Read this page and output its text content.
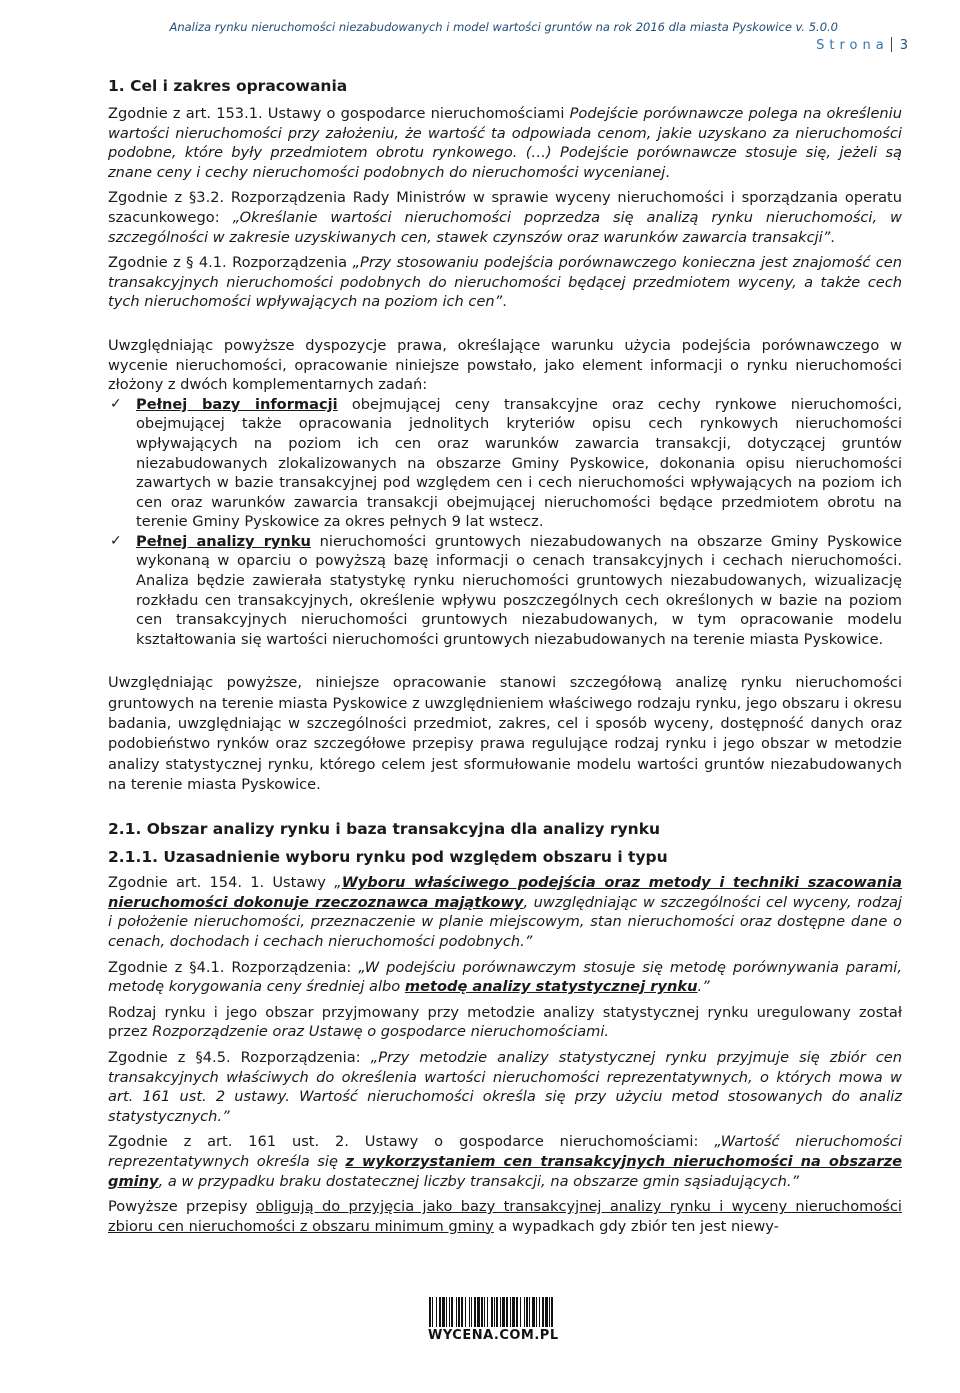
Analiza rynku nieruchomości niezabudowanych i model wartości gruntów na rok 2016 dla miasta Pyskowice v. 5.0.0
Strona 3
1. Cel i zakres opracowania

Zgodnie z art. 153.1. Ustawy o gospodarce nieruchomościami Podejście porównawcze polega na określeniu wartości nieruchomości przy założeniu, że wartość ta odpowiada cenom, jakie uzyskano za nieruchomości podobne, które były przedmiotem obrotu rynkowego. (…) Podejście porównawcze stosuje się, jeżeli są znane ceny i cechy nieruchomości podobnych do nieruchomości wycenianej.

Zgodnie z §3.2. Rozporządzenia Rady Ministrów w sprawie wyceny nieruchomości i sporządzania operatu szacunkowego: „Określanie wartości nieruchomości poprzedza się analizą rynku nieruchomości, w szczególności w zakresie uzyskiwanych cen, stawek czynszów oraz warunków zawarcia transakcji”.

Zgodnie z § 4.1. Rozporządzenia „Przy stosowaniu podejścia porównawczego konieczna jest znajomość cen transakcyjnych nieruchomości podobnych do nieruchomości będącej przedmiotem wyceny, a także cech tych nieruchomości wpływających na poziom ich cen”.

Uwzględniając powyższe dyspozycje prawa, określające warunku użycia podejścia porównawczego w wycenie nieruchomości, opracowanie niniejsze powstało, jako element informacji o rynku nieruchomości złożony z dwóch komplementarnych zadań:

✓ Pełnej bazy informacji obejmującej ceny transakcyjne oraz cechy rynkowe nieruchomości, obejmującej także opracowania jednolitych kryteriów opisu cech rynkowych nieruchomości wpływających na poziom ich cen oraz warunków zawarcia transakcji, dotyczącej gruntów niezabudowanych zlokalizowanych na obszarze Gminy Pyskowice, dokonania opisu nieruchomości zawartych w bazie transakcyjnej pod względem cen i cech nieruchomości wpływających na poziom ich cen oraz warunków zawarcia transakcji obejmującej nieruchomości będące przedmiotem obrotu na terenie Gminy Pyskowice za okres pełnych 9 lat wstecz.
✓ Pełnej analizy rynku nieruchomości gruntowych niezabudowanych na obszarze Gminy Pyskowice wykonaną w oparciu o powyższą bazę informacji o cenach transakcyjnych i cechach nieruchomości. Analiza będzie zawierała statystykę rynku nieruchomości gruntowych niezabudowanych, wizualizację rozkładu cen transakcyjnych, określenie wpływu poszczególnych cech określonych w bazie na poziom cen transakcyjnych nieruchomości gruntowych niezabudowanych, w tym opracowanie modelu kształtowania się wartości nieruchomości gruntowych niezabudowanych na terenie miasta Pyskowice.

Uwzględniając powyższe, niniejsze opracowanie stanowi szczegółową analizę rynku nieruchomości gruntowych na terenie miasta Pyskowice z uwzględnieniem właściwego rodzaju rynku, jego obszaru i okresu badania, uwzględniając w szczególności przedmiot, zakres, cel i sposób wyceny, dostępność danych oraz podobieństwo rynków oraz szczegółowe przepisy prawa regulujące rodzaj rynku i jego obszar w metodzie analizy statystycznej rynku, którego celem jest sformułowanie modelu wartości gruntów niezabudowanych na terenie miasta Pyskowice.

2.1. Obszar analizy rynku i baza transakcyjna dla analizy rynku
2.1.1. Uzasadnienie wyboru rynku pod względem obszaru i typu

Zgodnie art. 154. 1. Ustawy „Wyboru właściwego podejścia oraz metody i techniki szacowania nieruchomości dokonuje rzeczoznawca majątkowy, uwzględniając w szczególności cel wyceny, rodzaj i położenie nieruchomości, przeznaczenie w planie miejscowym, stan nieruchomości oraz dostępne dane o cenach, dochodach i cechach nieruchomości podobnych.”

Zgodnie z §4.1. Rozporządzenia: „W podejściu porównawczym stosuje się metodę porównywania parami, metodę korygowania ceny średniej albo metodę analizy statystycznej rynku.”

Rodzaj rynku i jego obszar przyjmowany przy metodzie analizy statystycznej rynku uregulowany został przez Rozporządzenie oraz Ustawę o gospodarce nieruchomościami.

Zgodnie z §4.5. Rozporządzenia: „Przy metodzie analizy statystycznej rynku przyjmuje się zbiór cen transakcyjnych właściwych do określenia wartości nieruchomości reprezentatywnych, o których mowa w art. 161 ust. 2 ustawy. Wartość nieruchomości określa się przy użyciu metod stosowanych do analiz statystycznych.”

Zgodnie z art. 161 ust. 2. Ustawy o gospodarce nieruchomościami: „Wartość nieruchomości reprezentatywnych określa się z wykorzystaniem cen transakcyjnych nieruchomości na obszarze gminy, a w przypadku braku dostatecznej liczby transakcji, na obszarze gmin sąsiadujących.”

Powyższe przepisy obligują do przyjęcia jako bazy transakcyjnej analizy rynku i wyceny nieruchomości zbioru cen nieruchomości z obszaru minimum gminy a wypadkach gdy zbiór ten jest niewy-

WYCENA.COM.PL
